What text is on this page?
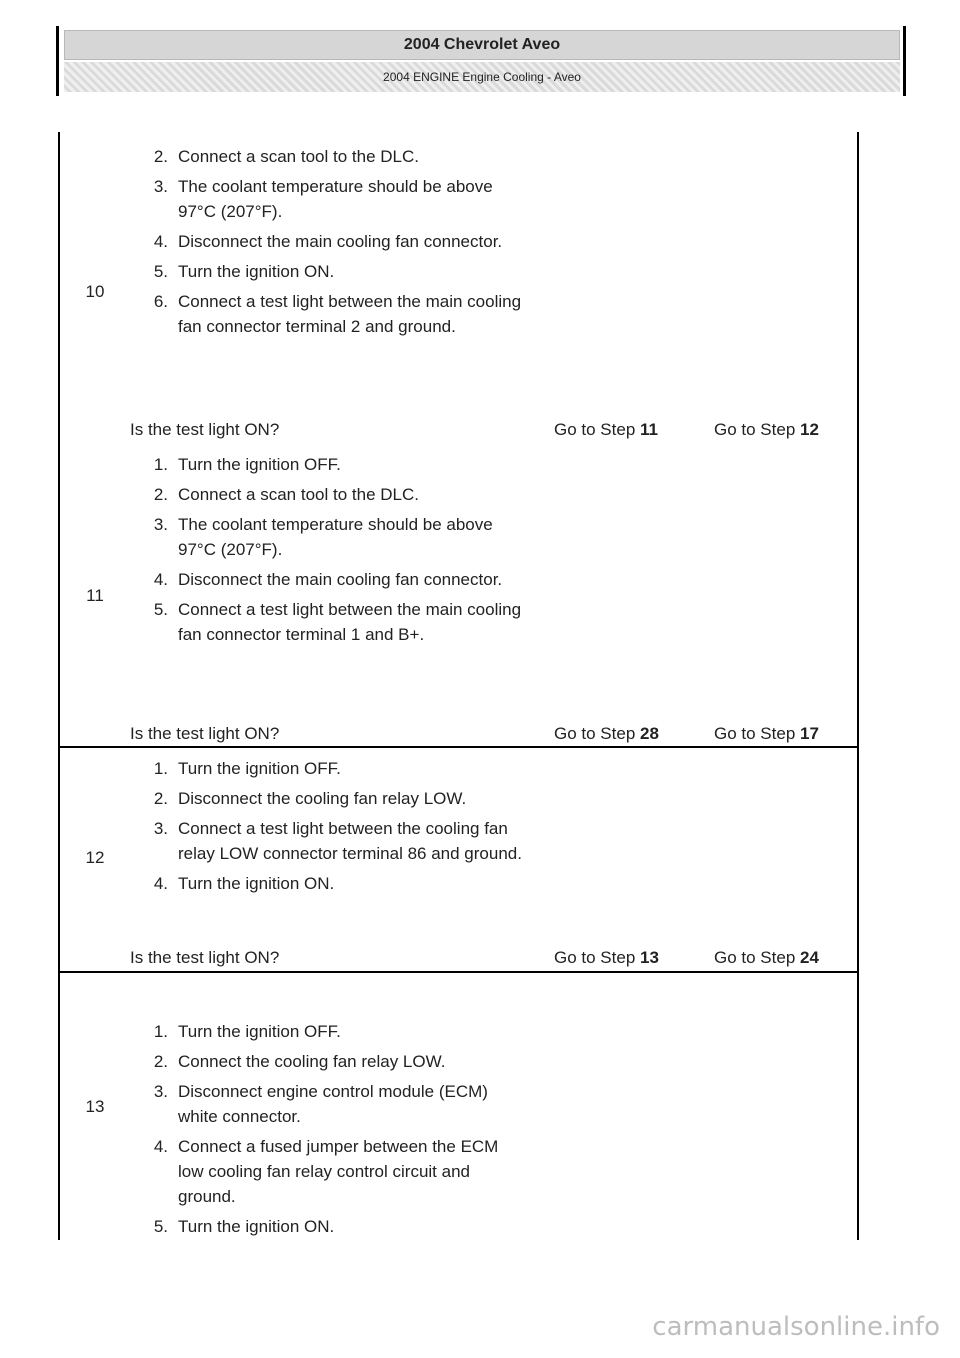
2004 Chevrolet Aveo
2004 ENGINE Engine Cooling - Aveo
10
2. Connect a scan tool to the DLC.
3. The coolant temperature should be above 97°C (207°F).
4. Disconnect the main cooling fan connector.
5. Turn the ignition ON.
6. Connect a test light between the main cooling fan connector terminal 2 and ground.
Is the test light ON?	Go to Step 11	Go to Step 12
11
1. Turn the ignition OFF.
2. Connect a scan tool to the DLC.
3. The coolant temperature should be above 97°C (207°F).
4. Disconnect the main cooling fan connector.
5. Connect a test light between the main cooling fan connector terminal 1 and B+.
Is the test light ON?	Go to Step 28	Go to Step 17
12
1. Turn the ignition OFF.
2. Disconnect the cooling fan relay LOW.
3. Connect a test light between the cooling fan relay LOW connector terminal 86 and ground.
4. Turn the ignition ON.
Is the test light ON?	Go to Step 13	Go to Step 24
13
1. Turn the ignition OFF.
2. Connect the cooling fan relay LOW.
3. Disconnect engine control module (ECM) white connector.
4. Connect a fused jumper between the ECM low cooling fan relay control circuit and ground.
5. Turn the ignition ON.
carmanualsonline.info
